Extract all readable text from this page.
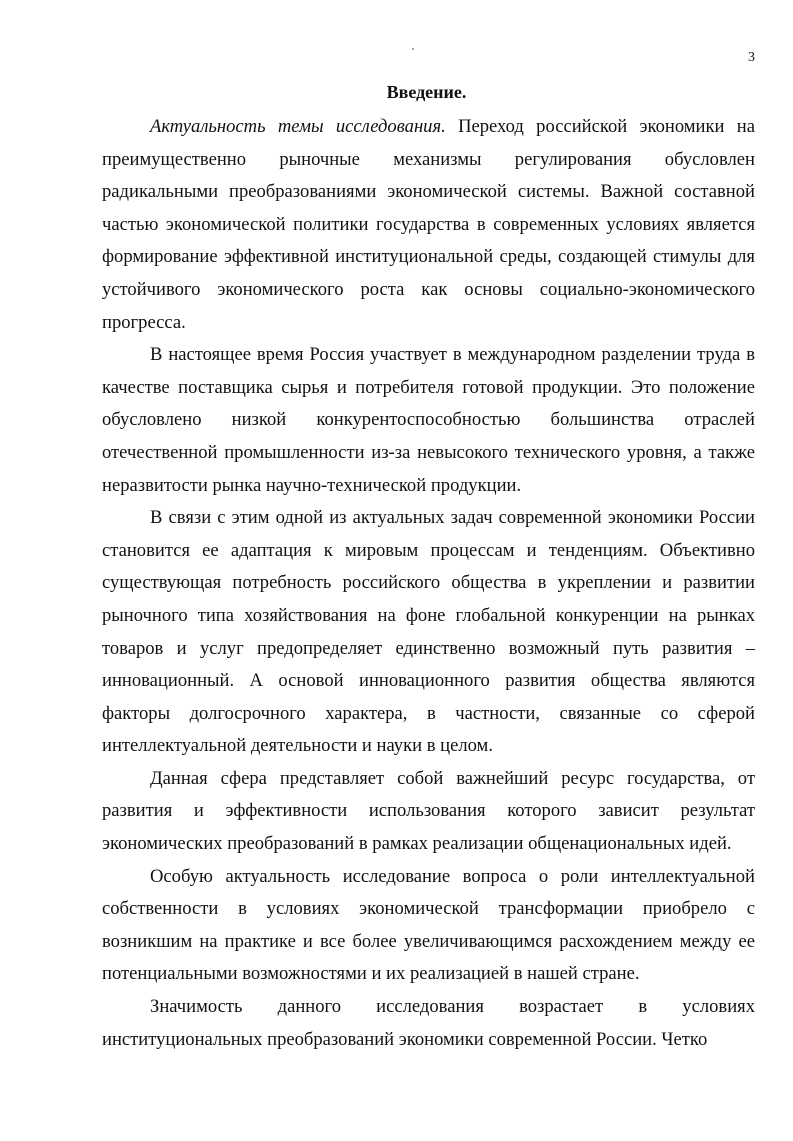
3
Введение.

Актуальность темы исследования. Переход российской экономики на преимущественно рыночные механизмы регулирования обусловлен радикальными преобразованиями экономической системы. Важной составной частью экономической политики государства в современных условиях является формирование эффективной институциональной среды, создающей стимулы для устойчивого экономического роста как основы социально-экономического прогресса.

В настоящее время Россия участвует в международном разделении труда в качестве поставщика сырья и потребителя готовой продукции. Это положение обусловлено низкой конкурентоспособностью большинства отраслей отечественной промышленности из-за невысокого технического уровня, а также неразвитости рынка научно-технической продукции.

В связи с этим одной из актуальных задач современной экономики России становится ее адаптация к мировым процессам и тенденциям. Объективно существующая потребность российского общества в укреплении и развитии рыночного типа хозяйствования на фоне глобальной конкуренции на рынках товаров и услуг предопределяет единственно возможный путь развития – инновационный. А основой инновационного развития общества являются факторы долгосрочного характера, в частности, связанные со сферой интеллектуальной деятельности и науки в целом.

Данная сфера представляет собой важнейший ресурс государства, от развития и эффективности использования которого зависит результат экономических преобразований в рамках реализации общенациональных идей.

Особую актуальность исследование вопроса о роли интеллектуальной собственности в условиях экономической трансформации приобрело с возникшим на практике и все более увеличивающимся расхождением между ее потенциальными возможностями и их реализацией в нашей стране.

Значимость данного исследования возрастает в условиях институциональных преобразований экономики современной России. Четко
